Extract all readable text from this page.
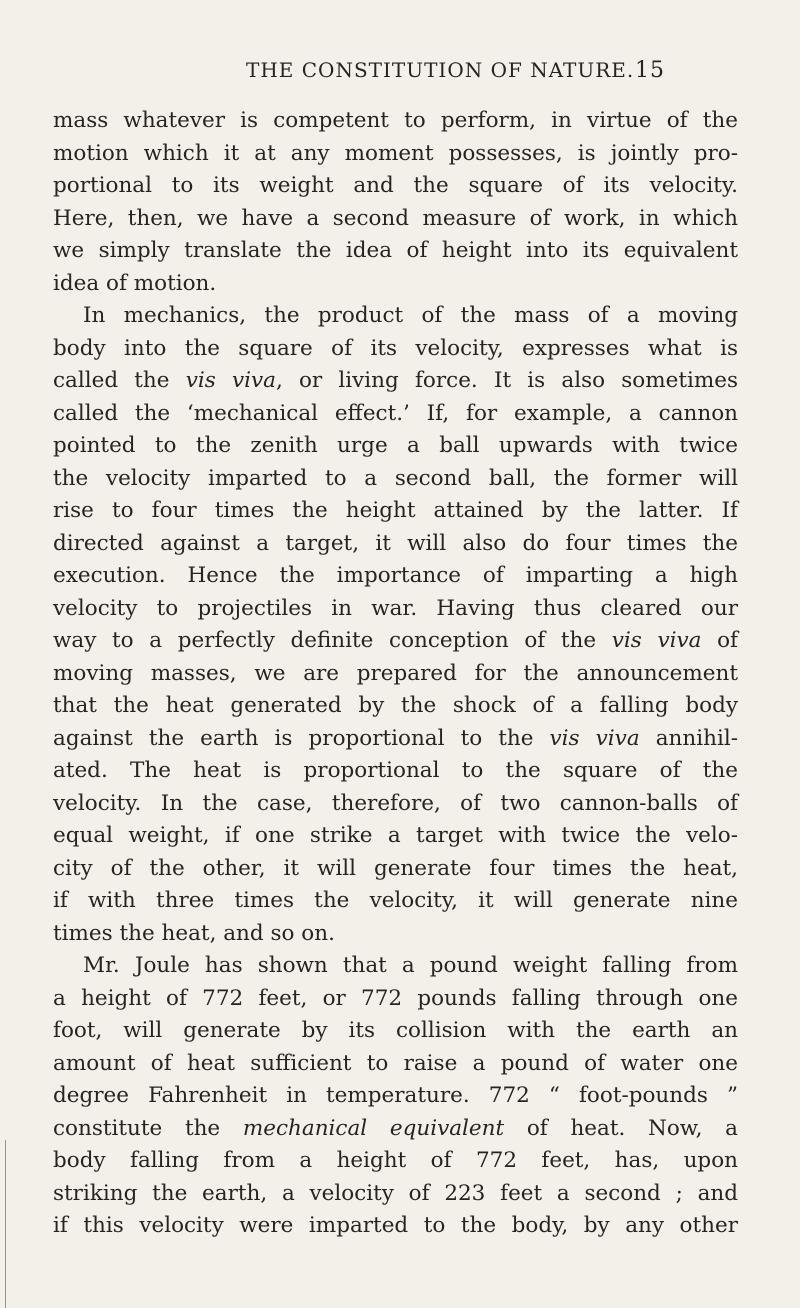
THE CONSTITUTION OF NATURE. 15
mass whatever is competent to perform, in virtue of the
motion which it at any moment possesses, is jointly pro-
portional to its weight and the square of its velocity.
Here, then, we have a second measure of work, in which
we simply translate the idea of height into its equivalent
idea of motion.
In mechanics, the product of the mass of a moving
body into the square of its velocity, expresses what is
called the vis viva, or living force. It is also sometimes
called the ‘mechanical effect.’ If, for example, a cannon
pointed to the zenith urge a ball upwards with twice
the velocity imparted to a second ball, the former will
rise to four times the height attained by the latter. If
directed against a target, it will also do four times the
execution. Hence the importance of imparting a high
velocity to projectiles in war. Having thus cleared our
way to a perfectly definite conception of the vis viva of
moving masses, we are prepared for the announcement
that the heat generated by the shock of a falling body
against the earth is proportional to the vis viva annihil-
ated. The heat is proportional to the square of the
velocity. In the case, therefore, of two cannon-balls of
equal weight, if one strike a target with twice the velo-
city of the other, it will generate four times the heat,
if with three times the velocity, it will generate nine
times the heat, and so on.
Mr. Joule has shown that a pound weight falling from
a height of 772 feet, or 772 pounds falling through one
foot, will generate by its collision with the earth an
amount of heat sufficient to raise a pound of water one
degree Fahrenheit in temperature. 772 “ foot-pounds ”
constitute the mechanical equivalent of heat. Now, a
body falling from a height of 772 feet, has, upon
striking the earth, a velocity of 223 feet a second ; and
if this velocity were imparted to the body, by any other
